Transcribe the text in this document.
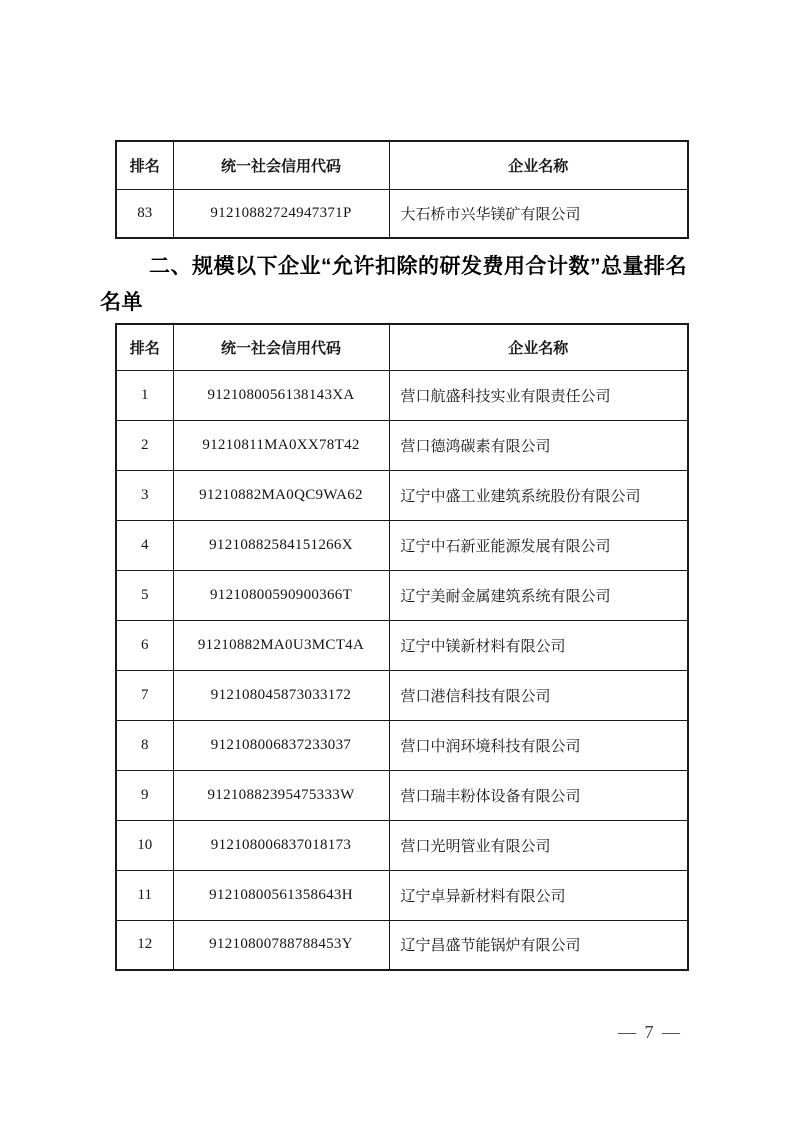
排名	统一社会信用代码	企业名称
83	91210882724947371P	大石桥市兴华镁矿有限公司
二、规模以下企业“允许扣除的研发费用合计数”总量排名
名单
排名	统一社会信用代码	企业名称
1	9121080056138143XA	营口航盛科技实业有限责任公司
2	91210811MA0XX78T42	营口德鸿碳素有限公司
3	91210882MA0QC9WA62	辽宁中盛工业建筑系统股份有限公司
4	91210882584151266X	辽宁中石新亚能源发展有限公司
5	91210800590900366T	辽宁美耐金属建筑系统有限公司
6	91210882MA0U3MCT4A	辽宁中镁新材料有限公司
7	912108045873033172	营口港信科技有限公司
8	912108006837233037	营口中润环境科技有限公司
9	91210882395475333W	营口瑞丰粉体设备有限公司
10	912108006837018173	营口光明管业有限公司
11	91210800561358643H	辽宁卓异新材料有限公司
12	91210800788788453Y	辽宁昌盛节能锅炉有限公司
— 7 —
